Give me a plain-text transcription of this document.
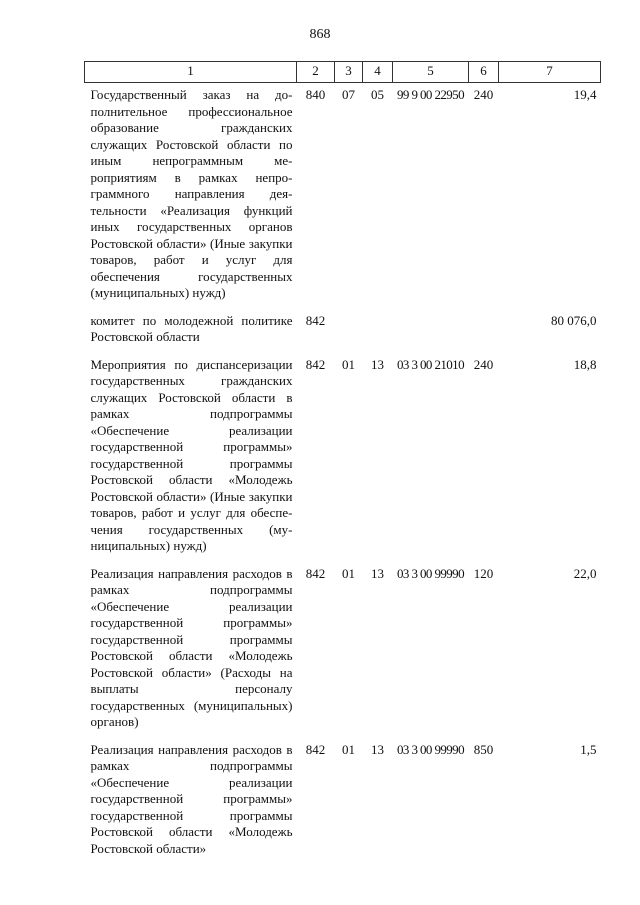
868
1	2	3	4	5	6	7
Государственный заказ на дополнительное профессиональное образование гражданских служащих Ростовской области по иным непрограммным мероприятиям в рамках непрограммного направления деятельности «Реализация функций иных государственных органов Ростовской области» (Иные закупки товаров, работ и услуг для обеспечения государственных (муниципальных) нужд)	840	07	05	99 9 00 22950	240	19,4
комитет по молодежной политике Ростовской области	842					80 076,0
Мероприятия по диспансеризации государственных гражданских служащих Ростовской области в рамках подпрограммы «Обеспечение реализации государственной программы» государственной программы Ростовской области «Молодежь Ростовской области» (Иные закупки товаров, работ и услуг для обеспечения государственных (муниципальных) нужд)	842	01	13	03 3 00 21010	240	18,8
Реализация направления расходов в рамках подпрограммы «Обеспечение реализации государственной программы» государственной программы Ростовской области «Молодежь Ростовской области» (Расходы на выплаты персоналу государственных (муниципальных) органов)	842	01	13	03 3 00 99990	120	22,0
Реализация направления расходов в рамках подпрограммы «Обеспечение реализации государственной программы» государственной программы Ростовской области «Молодежь Ростовской области»	842	01	13	03 3 00 99990	850	1,5
